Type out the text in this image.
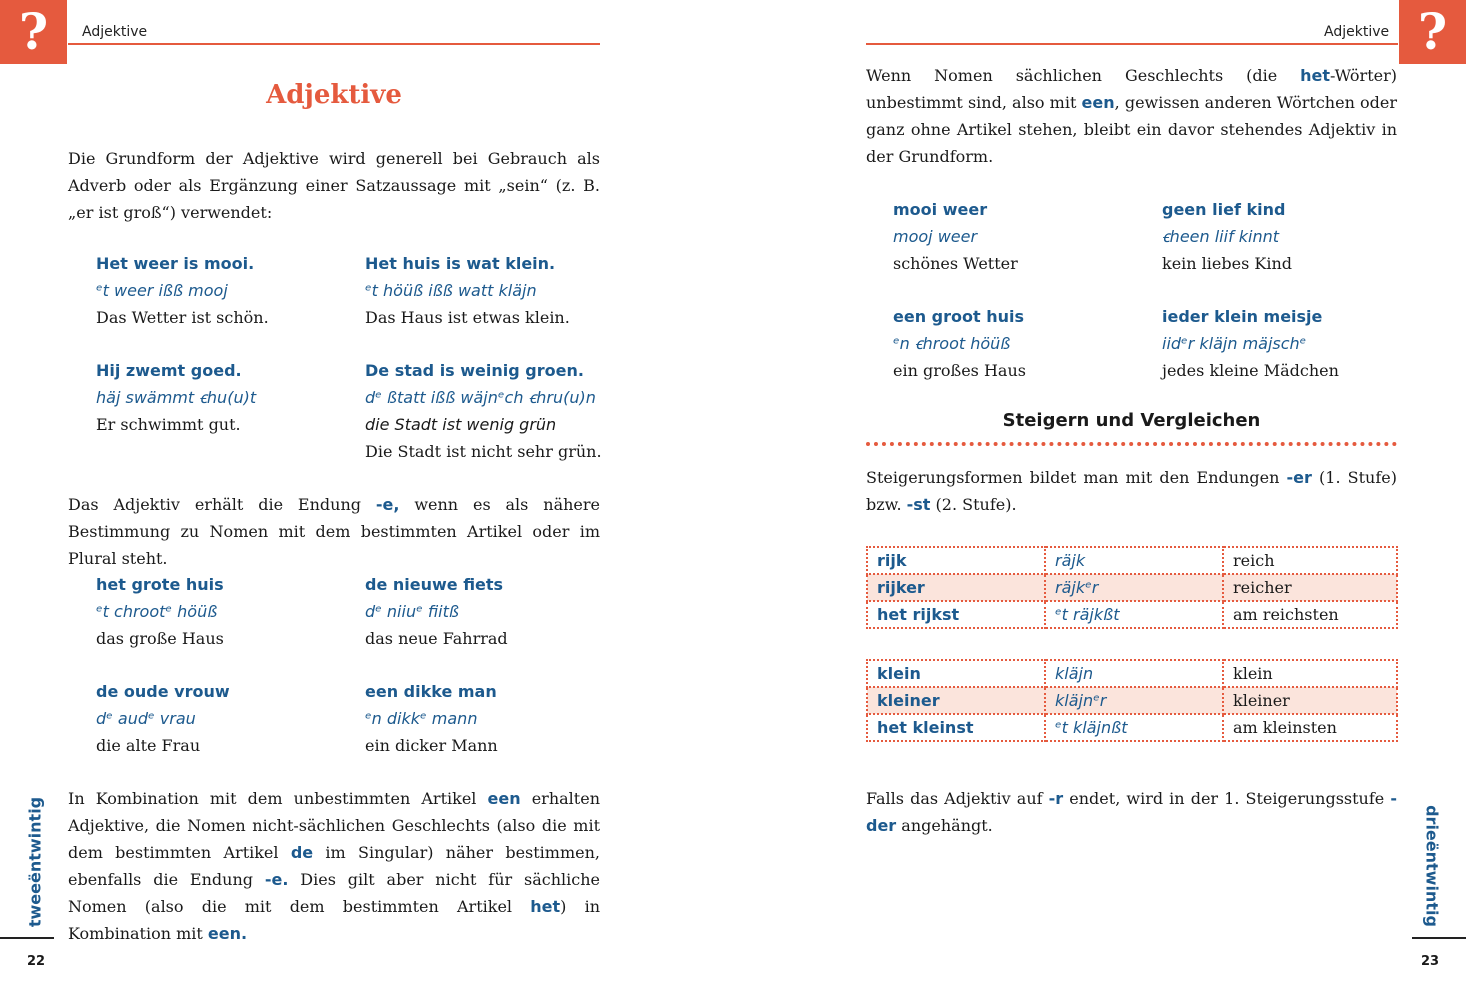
?	Adjektive
Adjektive

Die Grundform der Adjektive wird generell bei Gebrauch als Adverb oder als Ergänzung einer Satzaussage mit „sein“ (z. B. „er ist groß“) verwendet:

Het weer is mooi.
ᵉt weer ißß mooj
Das Wetter ist schön.
Het huis is wat klein.
ᵉt höüß ißß watt kläjn
Das Haus ist etwas klein.
Hij zwemt goed.
häj swämmt ꞓhu(u)t
Er schwimmt gut.
De stad is weinig groen.
dᵉ ßtatt ißß wäjnᵉch ꞓhru(u)n
die Stadt ist wenig grün
Die Stadt ist nicht sehr grün.

Das Adjektiv erhält die Endung -e, wenn es als nähere Bestimmung zu Nomen mit dem bestimmten Artikel oder im Plural steht.

het grote huis
ᵉt chrootᵉ höüß
das große Haus
de nieuwe fiets
dᵉ niiuᵉ fiitß
das neue Fahrrad
de oude vrouw
dᵉ audᵉ vrau
die alte Frau
een dikke man
ᵉn dikkᵉ mann
ein dicker Mann

In Kombination mit dem unbestimmten Artikel een erhalten Adjektive, die Nomen nicht-sächlichen Geschlechts (also die mit dem bestimmten Artikel de im Singular) näher bestimmen, ebenfalls die Endung -e. Dies gilt aber nicht für sächliche Nomen (also die mit dem bestimmten Artikel het) in Kombination mit een.

tweeëntwintig
22
?
Adjektive

Wenn Nomen sächlichen Geschlechts (die het-Wörter) unbestimmt sind, also mit een, gewissen anderen Wörtchen oder ganz ohne Artikel stehen, bleibt ein davor stehendes Adjektiv in der Grundform.

mooi weer
mooj weer
schönes Wetter
geen lief kind
ꞓheen liif kinnt
kein liebes Kind
een groot huis
ᵉn ꞓhroot höüß
ein großes Haus
ieder klein meisje
iidᵉr kläjn mäjschᵉ
jedes kleine Mädchen
Steigern und Vergleichen

Steigerungsformen bildet man mit den Endungen -er (1. Stufe) bzw. -st (2. Stufe).

rijk	räjk	reich
rijker	räjkᵉr	reicher
het rijkst	ᵉt räjkßt	am reichsten
klein	kläjn	klein
kleiner	kläjnᵉr	kleiner
het kleinst	ᵉt kläjnßt	am kleinsten

Falls das Adjektiv auf -r endet, wird in der 1. Steigerungsstufe -der angehängt.	drieëntwintig
23
